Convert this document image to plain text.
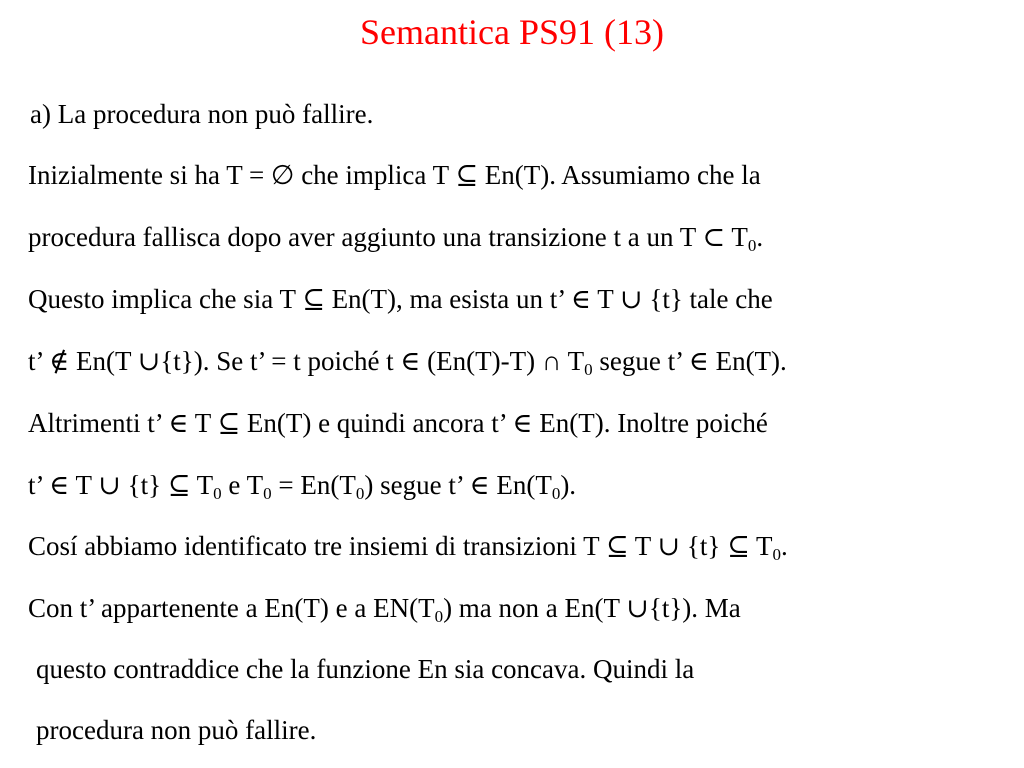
Semantica PS91 (13)
a) La procedura non può fallire.
Inizialmente si ha T = ∅ che implica T ⊆ En(T). Assumiamo che la
procedura fallisca dopo aver aggiunto una transizione t a un T ⊂ $T_0$.
Questo implica che sia T ⊆ En(T), ma esista un t’ ∈ T ∪ {t} tale che
t’ ∉ En(T ∪{t}). Se t’ = t poiché t ∈ (En(T)-T) ∩ $T_0$ segue t’ ∈ En(T).
Altrimenti t’ ∈ T ⊆ En(T) e quindi ancora t’ ∈ En(T). Inoltre poiché
t’ ∈ T ∪ {t} ⊆ $T_0$ e $T_0 = En(T_0)$ segue t’ ∈ $En(T_0)$.
Cosí abbiamo identificato tre insiemi di transizioni T ⊆ T ∪ {t} ⊆ $T_0$.
Con t’ appartenente a En(T) e a $EN(T_0)$ ma non a En(T ∪{t}). Ma
questo contraddice che la funzione En sia concava. Quindi la
procedura non può fallire.
